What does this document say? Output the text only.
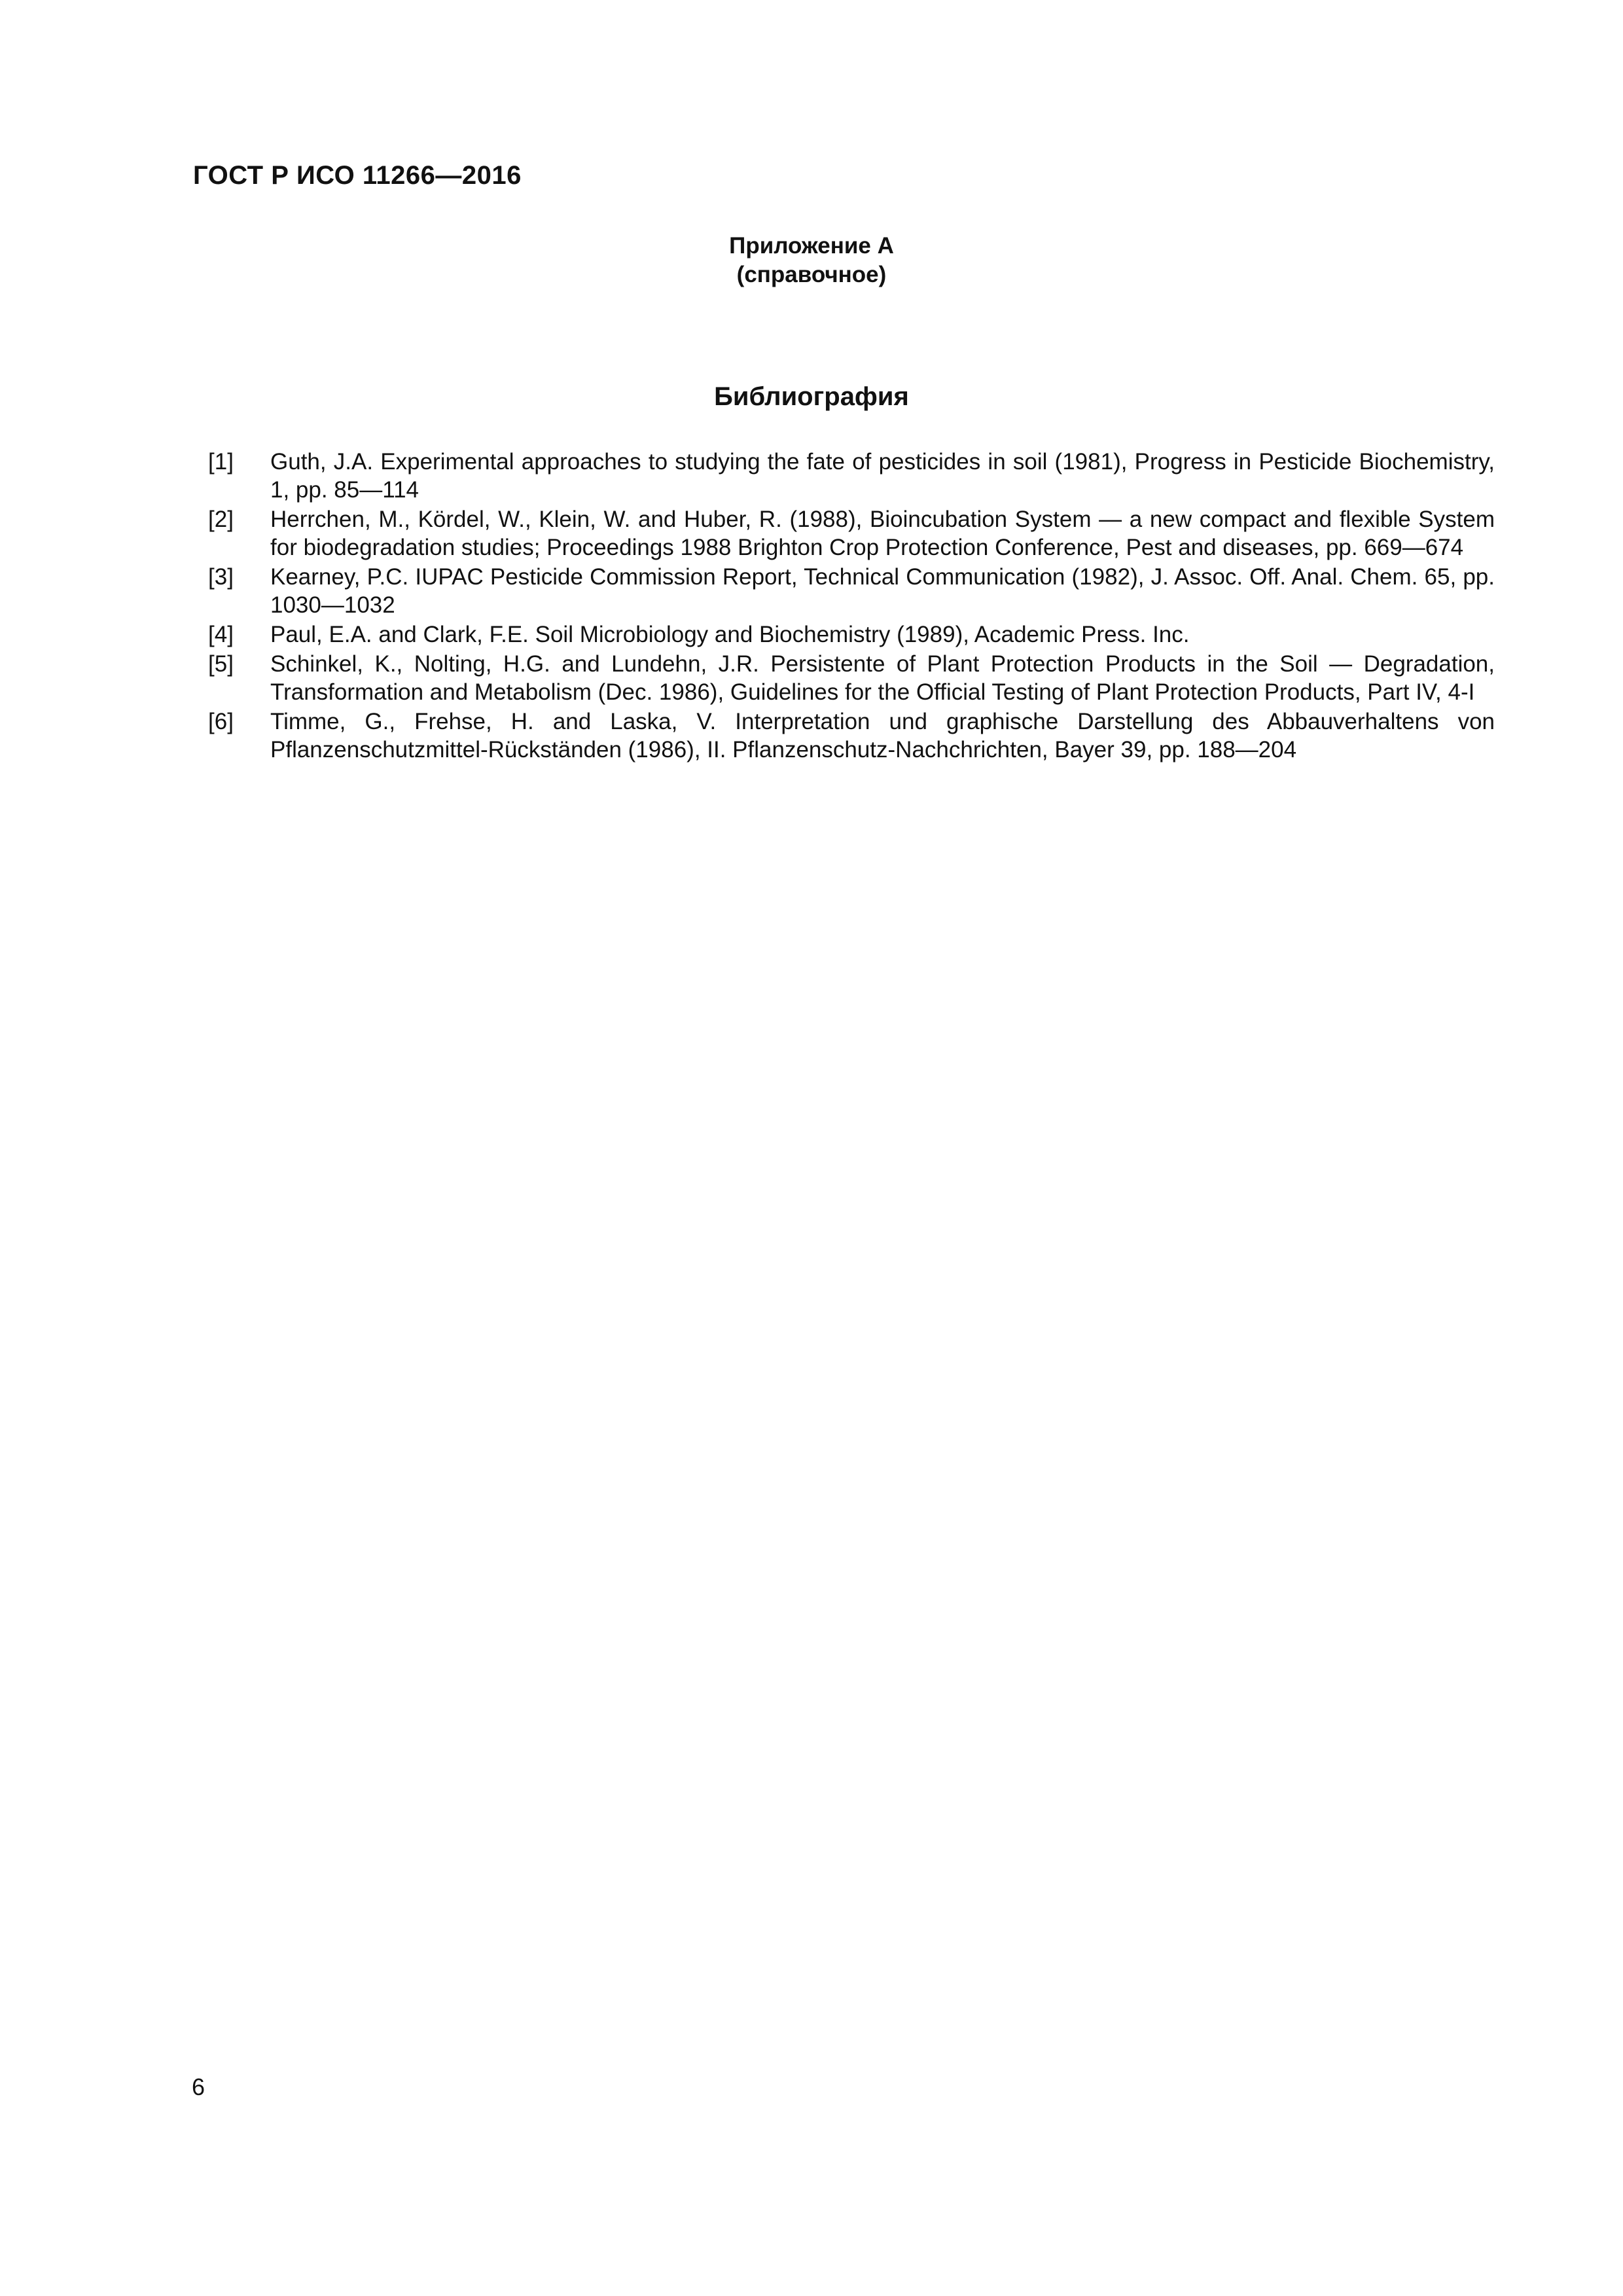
ГОСТ Р ИСО 11266—2016
Приложение А
(справочное)
Библиография
[1] Guth, J.A. Experimental approaches to studying the fate of pesticides in soil (1981), Progress in Pesticide Biochemistry, 1, pp. 85—114
[2] Herrchen, M., Kördel, W., Klein, W. and Huber, R. (1988), Bioincubation System — a new compact and flexible System for biodegradation studies; Proceedings 1988 Brighton Crop Protection Conference, Pest and diseases, pp. 669—674
[3] Kearney, P.C. IUPAC Pesticide Commission Report, Technical Communication (1982), J. Assoc. Off. Anal. Chem. 65, pp. 1030—1032
[4] Paul, E.A. and Clark, F.E. Soil Microbiology and Biochemistry (1989), Academic Press. Inc.
[5] Schinkel, K., Nolting, H.G. and Lundehn, J.R. Persistente of Plant Protection Products in the Soil — Degradation, Transformation and Metabolism (Dec. 1986), Guidelines for the Official Testing of Plant Protection Products, Part IV, 4-I
[6] Timme, G., Frehse, H. and Laska, V. Interpretation und graphische Darstellung des Abbauverhaltens von Pflanzenschutzmittel-Rückständen (1986), II. Pflanzenschutz-Nachchrichten, Bayer 39, pp. 188—204
6
